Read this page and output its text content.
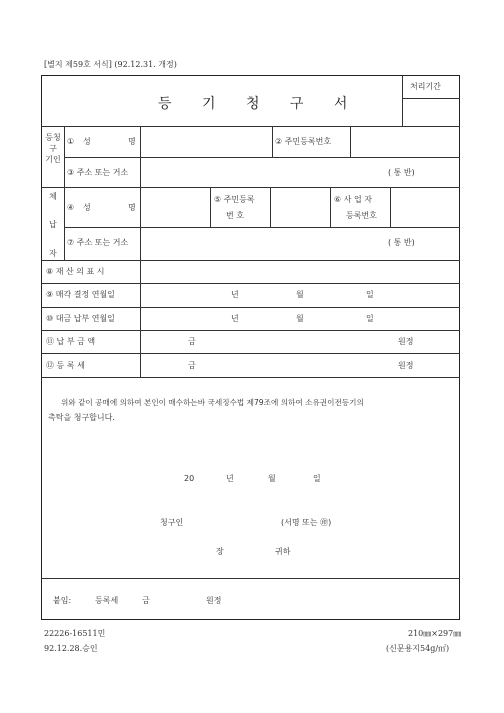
[별지 제59호 서식] (92.12.31. 개정)
등 기 청 구 서
처리기간
등청
구
기인
① 성	명	② 주민등록번호
③ 주소 또는 거소	( 통 반)
체
납
자
④ 성	명
⑤ 주민등록
번 호
⑥ 사 업 자
등록번호
⑦ 주소 또는 거소	( 통 반)
⑧ 재 산 의 표 시
⑨ 매각 결정 연월일	년	월	일
⑩ 대금 납부 연월일	년	월	일
⑪ 납 부 금 액	금	원정
⑫ 등 록 세	금	원정
위와 같이 공매에 의하여 본인이 매수하는바 국세징수법 제79조에 의하여 소유권이전등기의
촉탁을 청구합니다.
20	년	월	일
청구인	(서명 또는 ㊞)
장	귀하
붙임:	등록세	금	원정
22226-16511민
92.12.28.승인
210㎜×297㎜
(신문용지54g/㎡)
